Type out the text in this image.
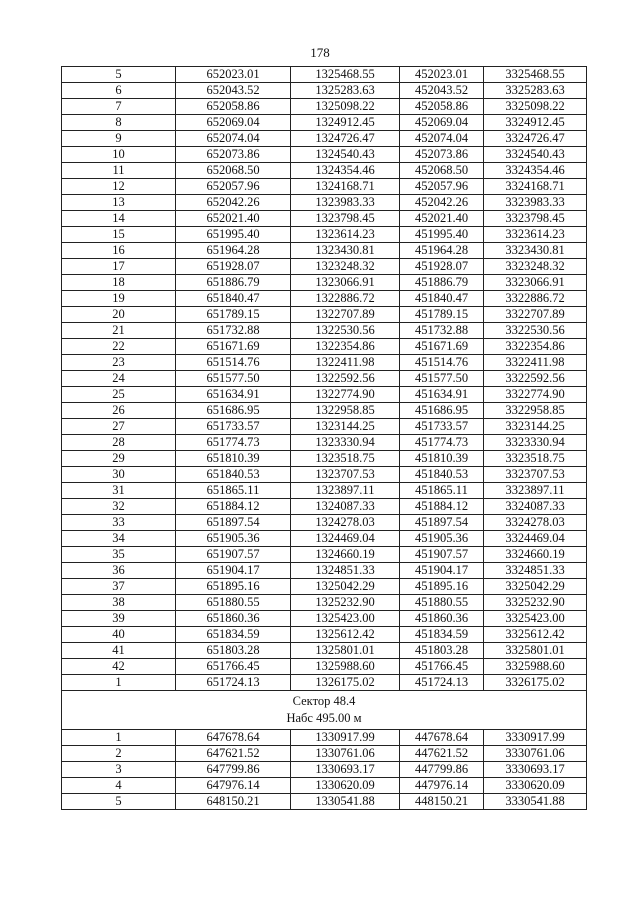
178
5	652023.01	1325468.55	452023.01	3325468.55
6	652043.52	1325283.63	452043.52	3325283.63
7	652058.86	1325098.22	452058.86	3325098.22
8	652069.04	1324912.45	452069.04	3324912.45
9	652074.04	1324726.47	452074.04	3324726.47
10	652073.86	1324540.43	452073.86	3324540.43
11	652068.50	1324354.46	452068.50	3324354.46
12	652057.96	1324168.71	452057.96	3324168.71
13	652042.26	1323983.33	452042.26	3323983.33
14	652021.40	1323798.45	452021.40	3323798.45
15	651995.40	1323614.23	451995.40	3323614.23
16	651964.28	1323430.81	451964.28	3323430.81
17	651928.07	1323248.32	451928.07	3323248.32
18	651886.79	1323066.91	451886.79	3323066.91
19	651840.47	1322886.72	451840.47	3322886.72
20	651789.15	1322707.89	451789.15	3322707.89
21	651732.88	1322530.56	451732.88	3322530.56
22	651671.69	1322354.86	451671.69	3322354.86
23	651514.76	1322411.98	451514.76	3322411.98
24	651577.50	1322592.56	451577.50	3322592.56
25	651634.91	1322774.90	451634.91	3322774.90
26	651686.95	1322958.85	451686.95	3322958.85
27	651733.57	1323144.25	451733.57	3323144.25
28	651774.73	1323330.94	451774.73	3323330.94
29	651810.39	1323518.75	451810.39	3323518.75
30	651840.53	1323707.53	451840.53	3323707.53
31	651865.11	1323897.11	451865.11	3323897.11
32	651884.12	1324087.33	451884.12	3324087.33
33	651897.54	1324278.03	451897.54	3324278.03
34	651905.36	1324469.04	451905.36	3324469.04
35	651907.57	1324660.19	451907.57	3324660.19
36	651904.17	1324851.33	451904.17	3324851.33
37	651895.16	1325042.29	451895.16	3325042.29
38	651880.55	1325232.90	451880.55	3325232.90
39	651860.36	1325423.00	451860.36	3325423.00
40	651834.59	1325612.42	451834.59	3325612.42
41	651803.28	1325801.01	451803.28	3325801.01
42	651766.45	1325988.60	451766.45	3325988.60
1	651724.13	1326175.02	451724.13	3326175.02

Сектор 48.4
Набс 495.00 м				

1	647678.64	1330917.99	447678.64	3330917.99
2	647621.52	1330761.06	447621.52	3330761.06
3	647799.86	1330693.17	447799.86	3330693.17
4	647976.14	1330620.09	447976.14	3330620.09
5	648150.21	1330541.88	448150.21	3330541.88
